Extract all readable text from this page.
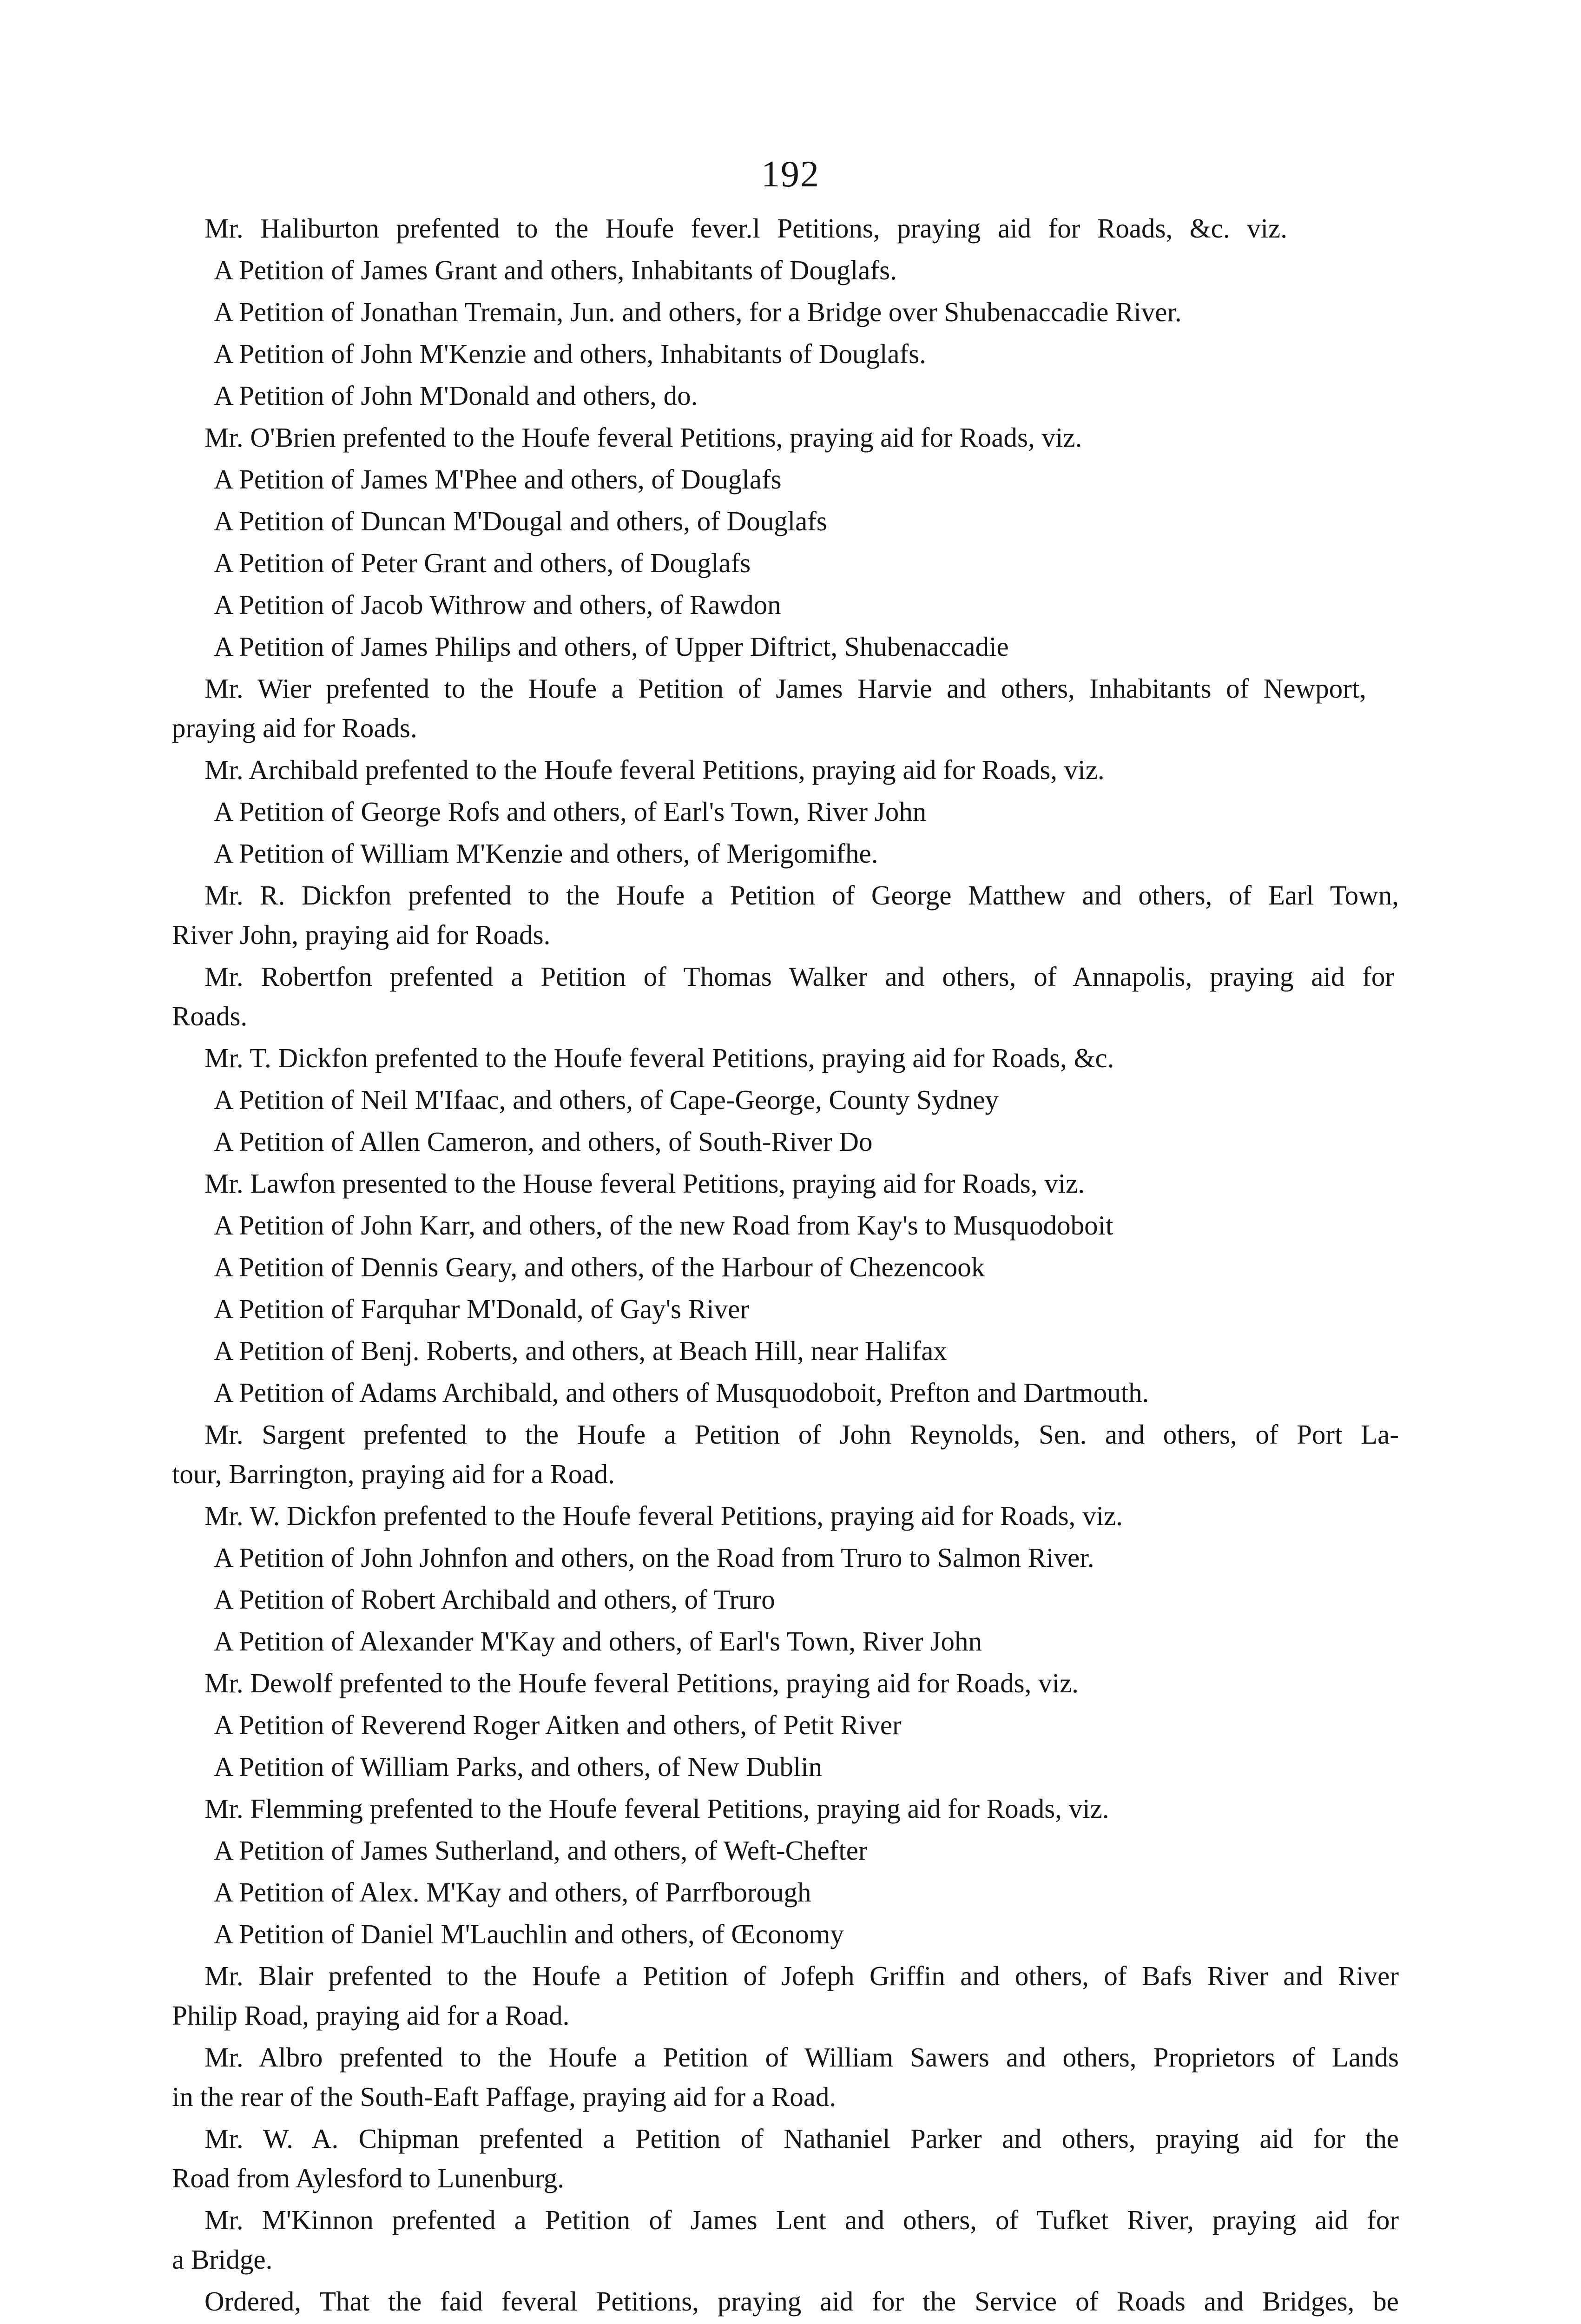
192
Mr. Haliburton prefented to the Houfe fever.l Petitions, praying aid for Roads, &c. viz.
A Petition of James Grant and others, Inhabitants of Douglafs.
A Petition of Jonathan Tremain, Jun. and others, for a Bridge over Shubenaccadie River.
A Petition of John M'Kenzie and others, Inhabitants of Douglafs.
A Petition of John M'Donald and others, do.
Mr. O'Brien prefented to the Houfe feveral Petitions, praying aid for Roads, viz.
A Petition of James M'Phee and others, of Douglafs
A Petition of Duncan M'Dougal and others, of Douglafs
A Petition of Peter Grant and others, of Douglafs
A Petition of Jacob Withrow and others, of Rawdon
A Petition of James Philips and others, of Upper Diftrict, Shubenaccadie
Mr. Wier prefented to the Houfe a Petition of James Harvie and others, Inhabitants of Newport,
praying aid for Roads.
Mr. Archibald prefented to the Houfe feveral Petitions, praying aid for Roads, viz.
A Petition of George Rofs and others, of Earl's Town, River John
A Petition of William M'Kenzie and others, of Merigomifhe.
Mr. R. Dickfon prefented to the Houfe a Petition of George Matthew and others, of Earl Town,
River John, praying aid for Roads.
Mr. Robertfon prefented a Petition of Thomas Walker and others, of Annapolis, praying aid for
Roads.
Mr. T. Dickfon prefented to the Houfe feveral Petitions, praying aid for Roads, &c.
A Petition of Neil M'Ifaac, and others, of Cape-George, County Sydney
A Petition of Allen Cameron, and others, of South-River Do
Mr. Lawfon presented to the House feveral Petitions, praying aid for Roads, viz.
A Petition of John Karr, and others, of the new Road from Kay's to Musquodoboit
A Petition of Dennis Geary, and others, of the Harbour of Chezencook
A Petition of Farquhar M'Donald, of Gay's River
A Petition of Benj. Roberts, and others, at Beach Hill, near Halifax
A Petition of Adams Archibald, and others of Musquodoboit, Prefton and Dartmouth.
Mr. Sargent prefented to the Houfe a Petition of John Reynolds, Sen. and others, of Port La-
tour, Barrington, praying aid for a Road.
Mr. W. Dickfon prefented to the Houfe feveral Petitions, praying aid for Roads, viz.
A Petition of John Johnfon and others, on the Road from Truro to Salmon River.
A Petition of Robert Archibald and others, of Truro
A Petition of Alexander M'Kay and others, of Earl's Town, River John
Mr. Dewolf prefented to the Houfe feveral Petitions, praying aid for Roads, viz.
A Petition of Reverend Roger Aitken and others, of Petit River
A Petition of William Parks, and others, of New Dublin
Mr. Flemming prefented to the Houfe feveral Petitions, praying aid for Roads, viz.
A Petition of James Sutherland, and others, of Weft-Chefter
A Petition of Alex. M'Kay and others, of Parrfborough
A Petition of Daniel M'Lauchlin and others, of Œconomy
Mr. Blair prefented to the Houfe a Petition of Jofeph Griffin and others, of Bafs River and River
Philip Road, praying aid for a Road.
Mr. Albro prefented to the Houfe a Petition of William Sawers and others, Proprietors of Lands
in the rear of the South-Eaft Paffage, praying aid for a Road.
Mr. W. A. Chipman prefented a Petition of Nathaniel Parker and others, praying aid for the
Road from Aylesford to Lunenburg.
Mr. M'Kinnon prefented a Petition of James Lent and others, of Tufket River, praying aid for
a Bridge.
Ordered, That the faid feveral Petitions, praying aid for the Service of Roads and Bridges, be
